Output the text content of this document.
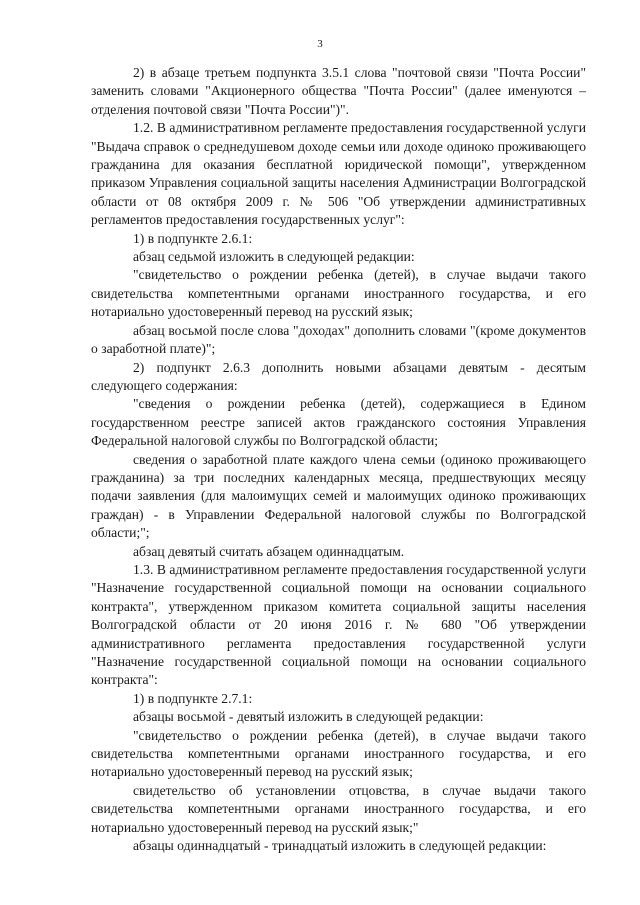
3

2) в абзаце третьем подпункта 3.5.1 слова "почтовой связи "Почта России" заменить словами "Акционерного общества "Почта России" (далее именуются – отделения почтовой связи "Почта России")".

1.2. В административном регламенте предоставления государственной услуги "Выдача справок о среднедушевом доходе семьи или доходе одиноко проживающего гражданина для оказания бесплатной юридической помощи", утвержденном приказом Управления социальной защиты населения Администрации Волгоградской области от 08 октября 2009 г. № 506 "Об утверждении административных регламентов предоставления государственных услуг":

1) в подпункте 2.6.1:

абзац седьмой изложить в следующей редакции:

"свидетельство о рождении ребенка (детей), в случае выдачи такого свидетельства компетентными органами иностранного государства, и его нотариально удостоверенный перевод на русский язык;

абзац восьмой после слова "доходах" дополнить словами "(кроме документов о заработной плате)";

2) подпункт 2.6.3 дополнить новыми абзацами девятым - десятым следующего содержания:

"сведения о рождении ребенка (детей), содержащиеся в Едином государственном реестре записей актов гражданского состояния Управления Федеральной налоговой службы по Волгоградской области;

сведения о заработной плате каждого члена семьи (одиноко проживающего гражданина) за три последних календарных месяца, предшествующих месяцу подачи заявления (для малоимущих семей и малоимущих одиноко проживающих граждан) - в Управлении Федеральной налоговой службы по Волгоградской области;";

абзац девятый считать абзацем одиннадцатым.

1.3. В административном регламенте предоставления государственной услуги "Назначение государственной социальной помощи на основании социального контракта", утвержденном приказом комитета социальной защиты населения Волгоградской области от 20 июня 2016 г. № 680 "Об утверждении административного регламента предоставления государственной услуги "Назначение государственной социальной помощи на основании социального контракта":

1) в подпункте 2.7.1:

абзацы восьмой - девятый изложить в следующей редакции:

"свидетельство о рождении ребенка (детей), в случае выдачи такого свидетельства компетентными органами иностранного государства, и его нотариально удостоверенный перевод на русский язык;

свидетельство об установлении отцовства, в случае выдачи такого свидетельства компетентными органами иностранного государства, и его нотариально удостоверенный перевод на русский язык;"

абзацы одиннадцатый - тринадцатый изложить в следующей редакции:
